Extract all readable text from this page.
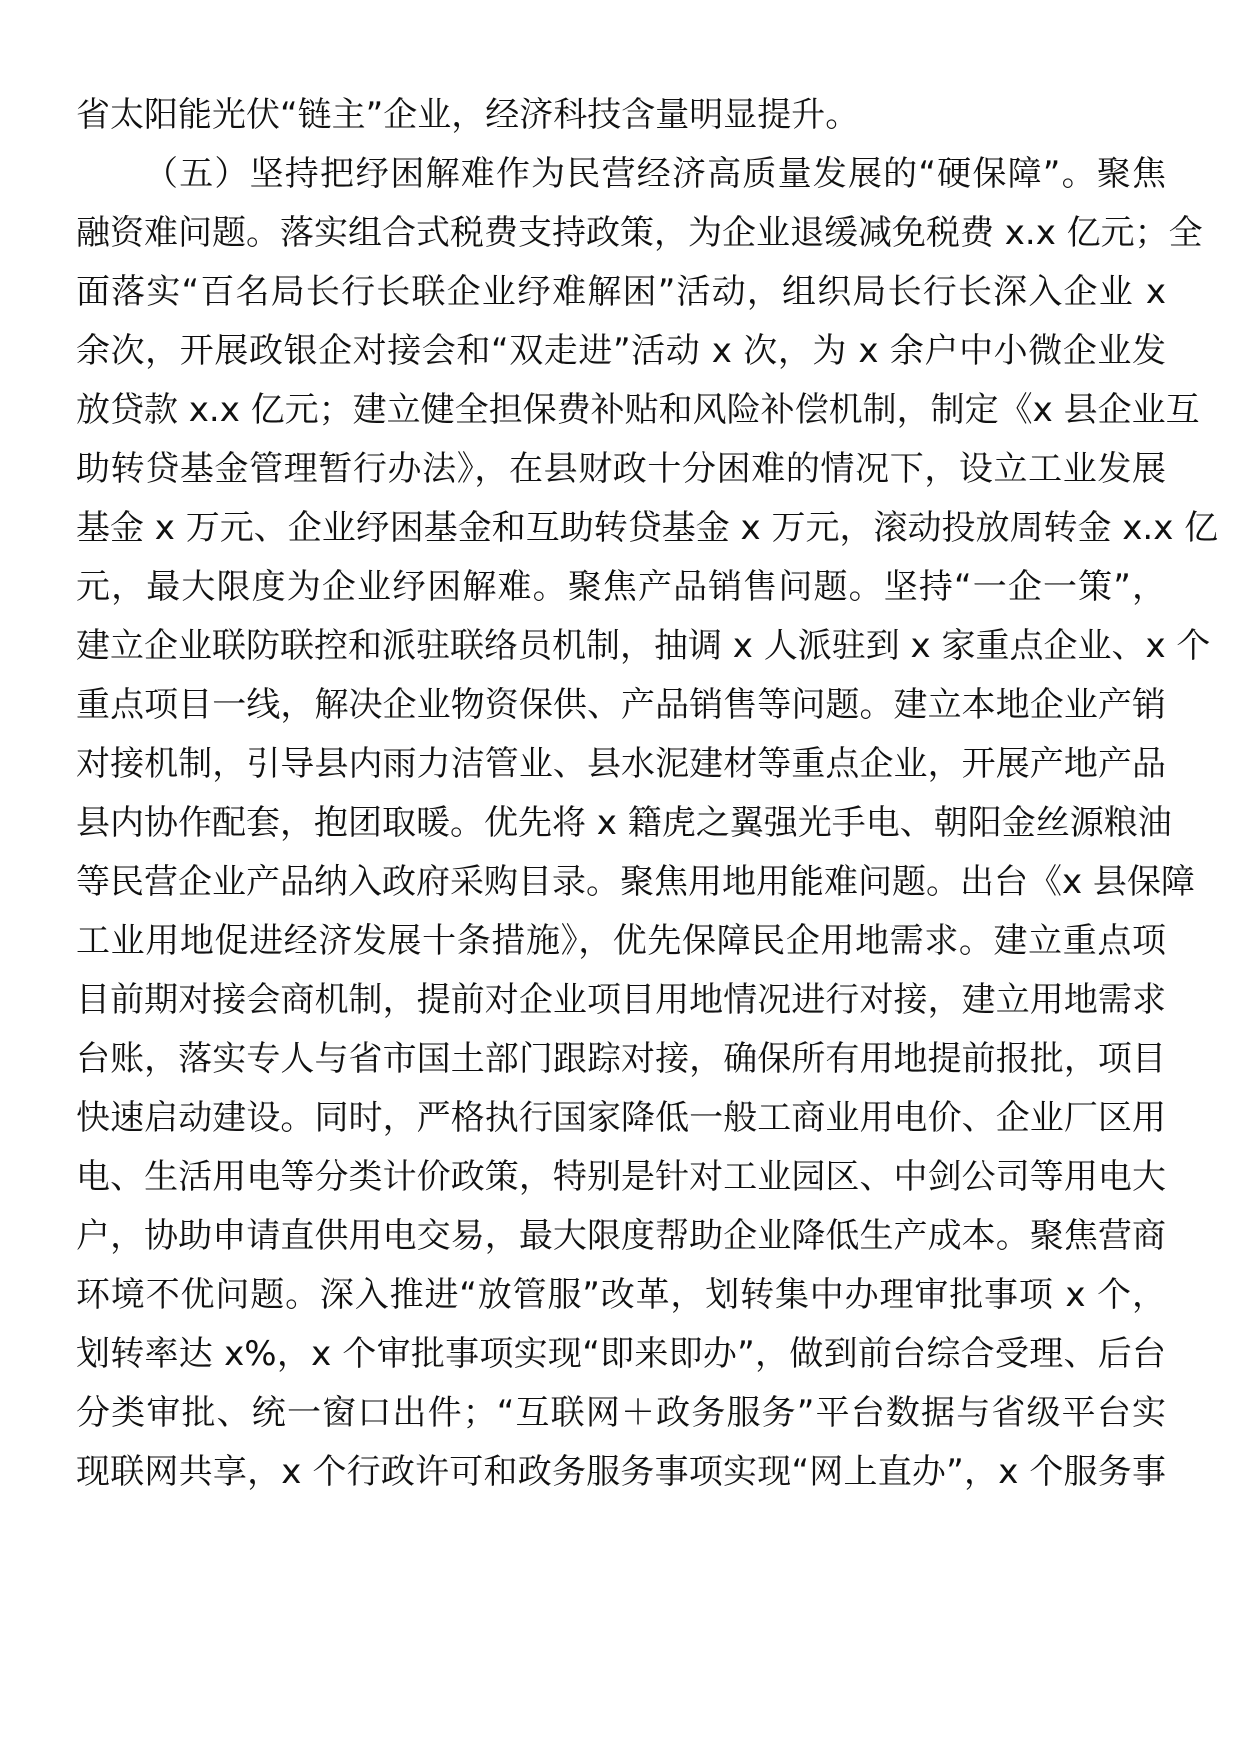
省太阳能光伏“链主”企业，经济科技含量明显提升。
（五）坚持把纾困解难作为民营经济高质量发展的“硬保障”。聚焦
融资难问题。落实组合式税费支持政策，为企业退缓减免税费 x.x 亿元；全
面落实“百名局长行长联企业纾难解困”活动，组织局长行长深入企业 x
余次，开展政银企对接会和“双走进”活动 x 次，为 x 余户中小微企业发
放贷款 x.x 亿元；建立健全担保费补贴和风险补偿机制，制定《x 县企业互
助转贷基金管理暂行办法》，在县财政十分困难的情况下，设立工业发展
基金 x 万元、企业纾困基金和互助转贷基金 x 万元，滚动投放周转金 x.x 亿
元，最大限度为企业纾困解难。聚焦产品销售问题。坚持“一企一策”，
建立企业联防联控和派驻联络员机制，抽调 x 人派驻到 x 家重点企业、x 个
重点项目一线，解决企业物资保供、产品销售等问题。建立本地企业产销
对接机制，引导县内雨力洁管业、县水泥建材等重点企业，开展产地产品
县内协作配套，抱团取暖。优先将 x 籍虎之翼强光手电、朝阳金丝源粮油
等民营企业产品纳入政府采购目录。聚焦用地用能难问题。出台《x 县保障
工业用地促进经济发展十条措施》，优先保障民企用地需求。建立重点项
目前期对接会商机制，提前对企业项目用地情况进行对接，建立用地需求
台账，落实专人与省市国土部门跟踪对接，确保所有用地提前报批，项目
快速启动建设。同时，严格执行国家降低一般工商业用电价、企业厂区用
电、生活用电等分类计价政策，特别是针对工业园区、中剑公司等用电大
户，协助申请直供用电交易，最大限度帮助企业降低生产成本。聚焦营商
环境不优问题。深入推进“放管服”改革，划转集中办理审批事项 x 个，
划转率达 x%，x 个审批事项实现“即来即办”，做到前台综合受理、后台
分类审批、统一窗口出件；“互联网＋政务服务”平台数据与省级平台实
现联网共享，x 个行政许可和政务服务事项实现“网上直办”，x 个服务事
